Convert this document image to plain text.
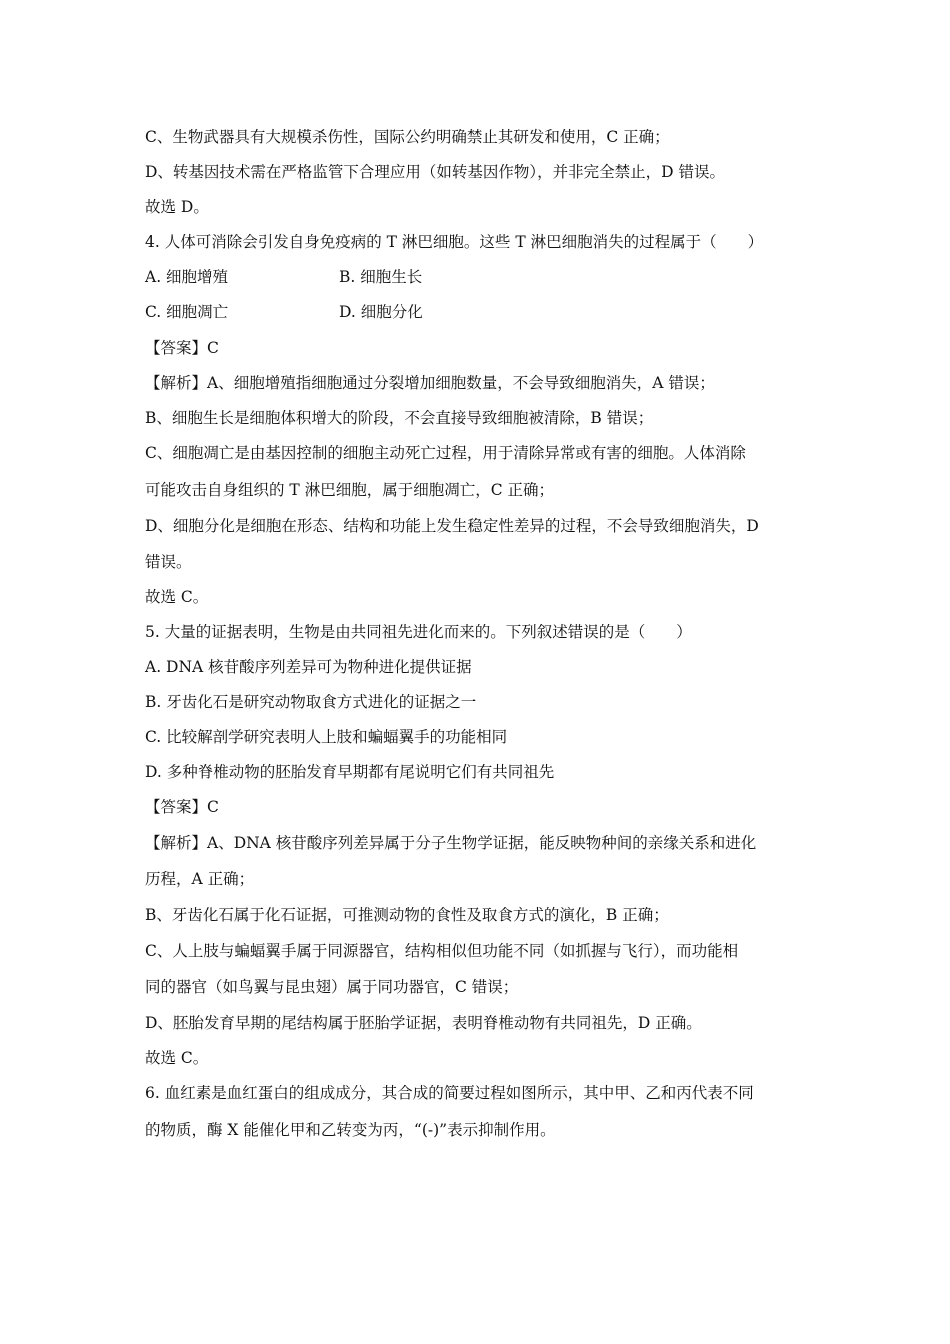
C、生物武器具有大规模杀伤性，国际公约明确禁止其研发和使用，C 正确；
D、转基因技术需在严格监管下合理应用（如转基因作物），并非完全禁止，D 错误。
故选 D。
4. 人体可消除会引发自身免疫病的 T 淋巴细胞。这些 T 淋巴细胞消失的过程属于（　　）
A. 细胞增殖	B. 细胞生长
C. 细胞凋亡	D. 细胞分化
【答案】C
【解析】A、细胞增殖指细胞通过分裂增加细胞数量，不会导致细胞消失，A 错误；
B、细胞生长是细胞体积增大的阶段，不会直接导致细胞被清除，B 错误；
C、细胞凋亡是由基因控制的细胞主动死亡过程，用于清除异常或有害的细胞。人体消除
可能攻击自身组织的 T 淋巴细胞，属于细胞凋亡，C 正确；
D、细胞分化是细胞在形态、结构和功能上发生稳定性差异的过程，不会导致细胞消失，D
错误。
故选 C。
5. 大量的证据表明，生物是由共同祖先进化而来的。下列叙述错误的是（　　）
A. DNA 核苷酸序列差异可为物种进化提供证据
B. 牙齿化石是研究动物取食方式进化的证据之一
C. 比较解剖学研究表明人上肢和蝙蝠翼手的功能相同
D. 多种脊椎动物的胚胎发育早期都有尾说明它们有共同祖先
【答案】C
【解析】A、DNA 核苷酸序列差异属于分子生物学证据，能反映物种间的亲缘关系和进化
历程，A 正确；
B、牙齿化石属于化石证据，可推测动物的食性及取食方式的演化，B 正确；
C、人上肢与蝙蝠翼手属于同源器官，结构相似但功能不同（如抓握与飞行），而功能相
同的器官（如鸟翼与昆虫翅）属于同功器官，C 错误；
D、胚胎发育早期的尾结构属于胚胎学证据，表明脊椎动物有共同祖先，D 正确。
故选 C。
6. 血红素是血红蛋白的组成成分，其合成的简要过程如图所示，其中甲、乙和丙代表不同
的物质，酶 X 能催化甲和乙转变为丙，“(-)”表示抑制作用。
